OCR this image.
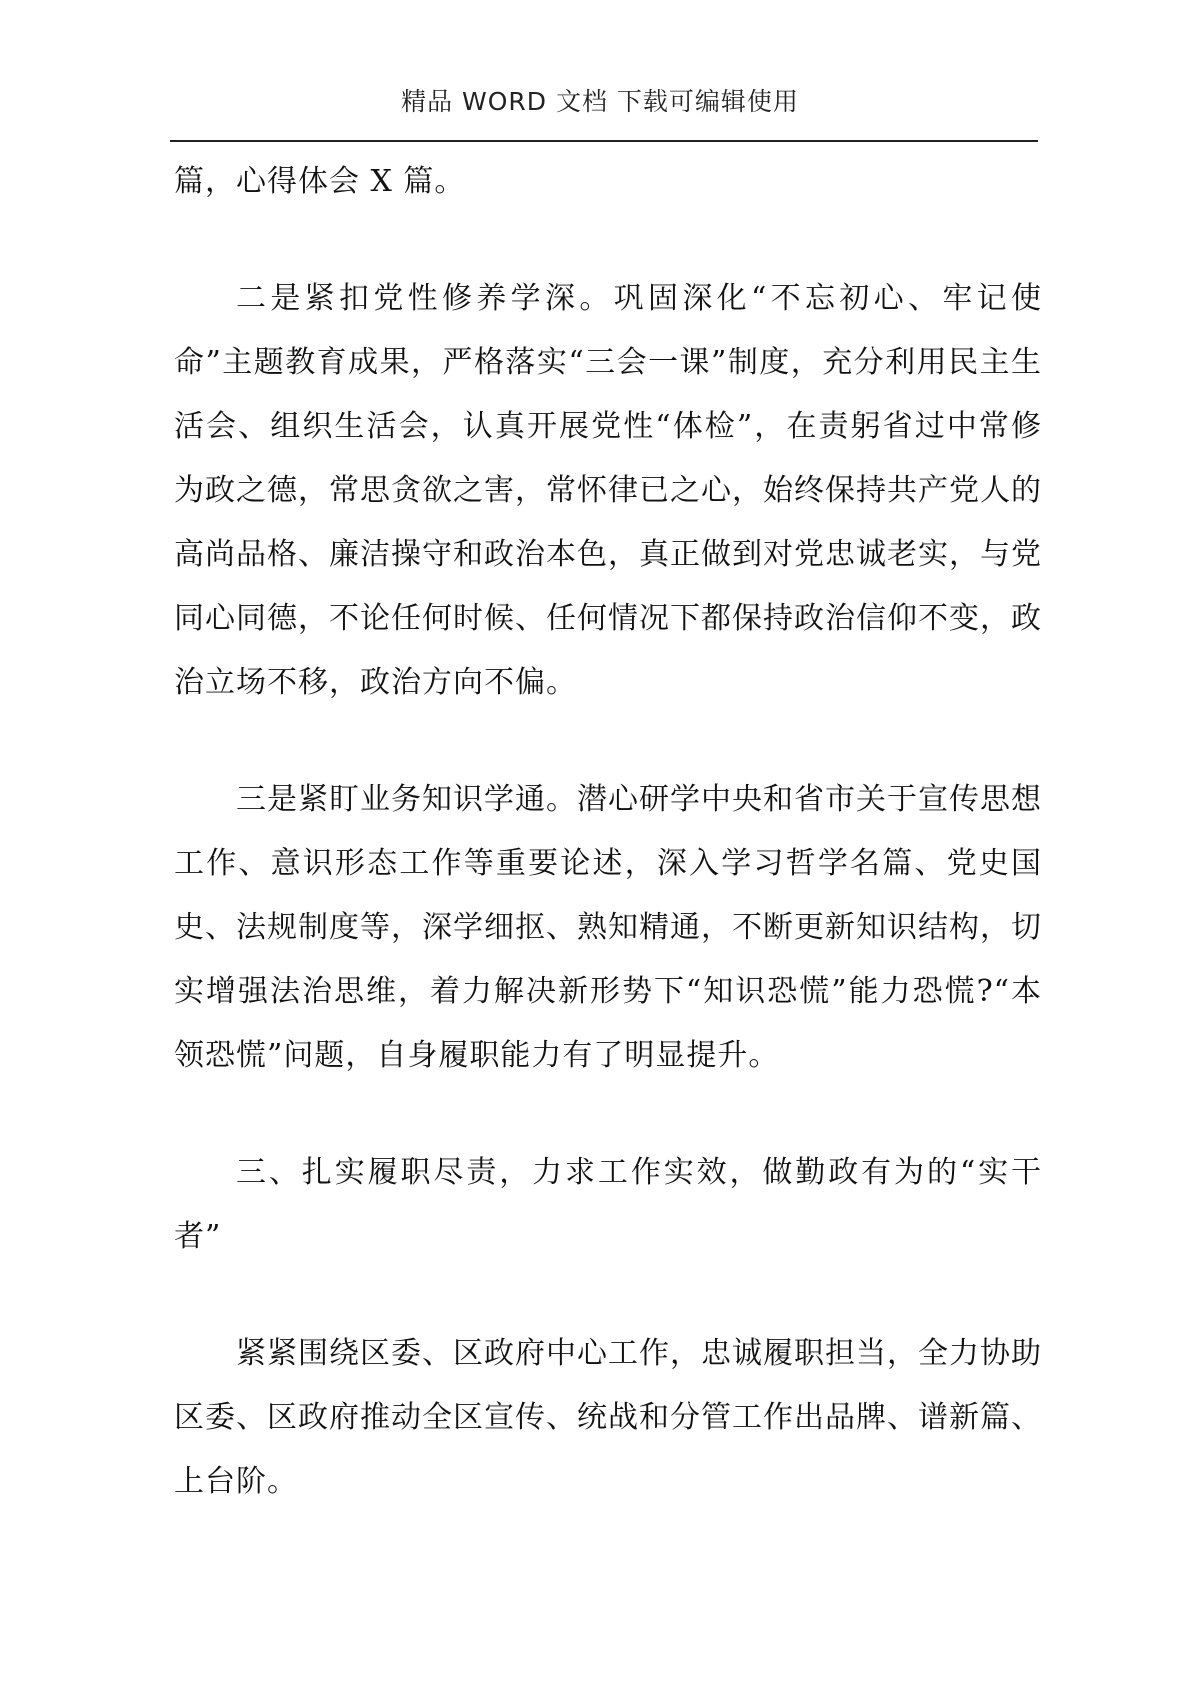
精品 WORD 文档 下载可编辑使用

篇，心得体会 X 篇。

二是紧扣党性修养学深。巩固深化“不忘初心、牢记使命”主题教育成果，严格落实“三会一课”制度，充分利用民主生活会、组织生活会，认真开展党性“体检”，在责躬省过中常修为政之德，常思贪欲之害，常怀律已之心，始终保持共产党人的高尚品格、廉洁操守和政治本色，真正做到对党忠诚老实，与党同心同德，不论任何时候、任何情况下都保持政治信仰不变，政治立场不移，政治方向不偏。

三是紧盯业务知识学通。潜心研学中央和省市关于宣传思想工作、意识形态工作等重要论述，深入学习哲学名篇、党史国史、法规制度等，深学细抠、熟知精通，不断更新知识结构，切实增强法治思维，着力解决新形势下“知识恐慌”能力恐慌?“本领恐慌”问题，自身履职能力有了明显提升。

三、扎实履职尽责，力求工作实效，做勤政有为的“实干者”

紧紧围绕区委、区政府中心工作，忠诚履职担当，全力协助区委、区政府推动全区宣传、统战和分管工作出品牌、谱新篇、上台阶。
